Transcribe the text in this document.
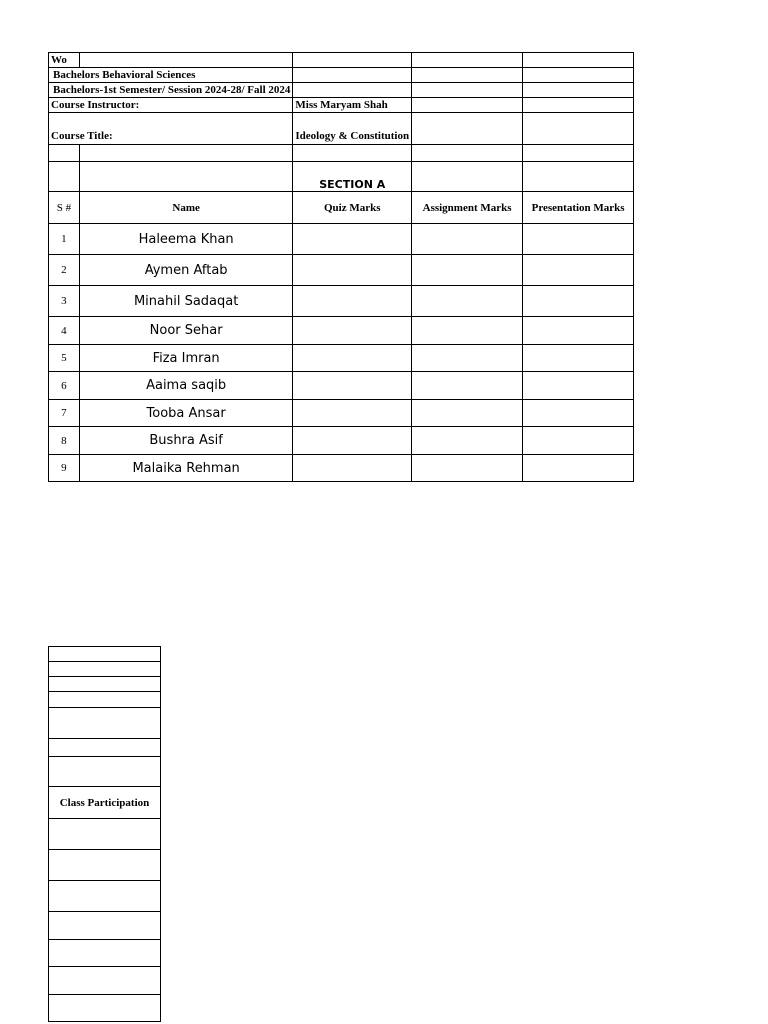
Wo				
Bachelors Behavioral Sciences				
Bachelors-1st Semester/ Session 2024-28/ Fall 2024				
Course Instructor:		Miss Maryam Shah		
Course Title:		Ideology & Constitution		

		SECTION A		
S #	Name	Quiz Marks	Assignment Marks	Presentation Marks
1	Haleema Khan			
2	Aymen Aftab			
3	Minahil Sadaqat			
4	Noor Sehar			
5	Fiza Imran			
6	Aaima saqib			
7	Tooba Ansar			
8	Bushra Asif			
9	Malaika Rehman			

Class Participation
